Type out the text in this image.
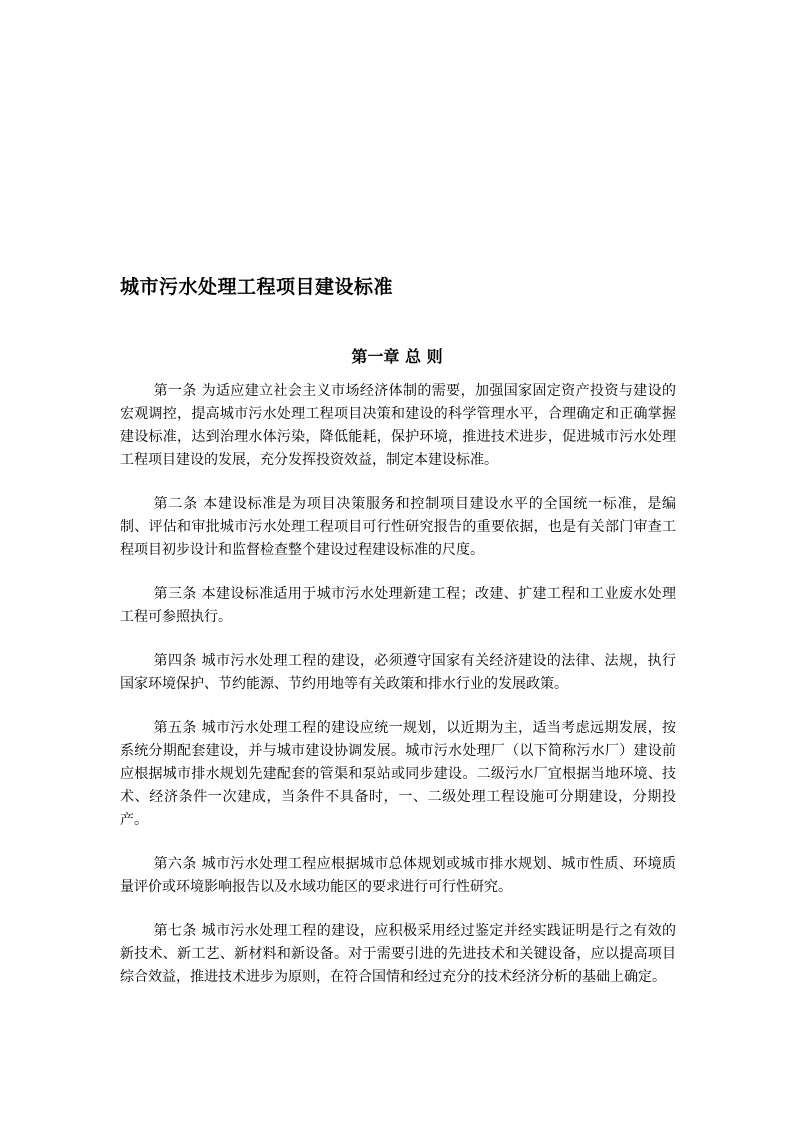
城市污水处理工程项目建设标准
第一章 总 则

第一条 为适应建立社会主义市场经济体制的需要，加强国家固定资产投资与建设的宏观调控，提高城市污水处理工程项目决策和建设的科学管理水平，合理确定和正确掌握建设标准，达到治理水体污染，降低能耗，保护环境，推进技术进步，促进城市污水处理工程项目建设的发展，充分发挥投资效益，制定本建设标准。

第二条 本建设标准是为项目决策服务和控制项目建设水平的全国统一标准，是编制、评估和审批城市污水处理工程项目可行性研究报告的重要依据，也是有关部门审查工程项目初步设计和监督检查整个建设过程建设标准的尺度。

第三条 本建设标准适用于城市污水处理新建工程；改建、扩建工程和工业废水处理工程可参照执行。

第四条 城市污水处理工程的建设，必须遵守国家有关经济建设的法律、法规，执行国家环境保护、节约能源、节约用地等有关政策和排水行业的发展政策。

第五条 城市污水处理工程的建设应统一规划，以近期为主，适当考虑远期发展，按系统分期配套建设，并与城市建设协调发展。城市污水处理厂（以下简称污水厂）建设前应根据城市排水规划先建配套的管渠和泵站或同步建设。二级污水厂宜根据当地环境、技术、经济条件一次建成，当条件不具备时，一、二级处理工程设施可分期建设，分期投产。

第六条 城市污水处理工程应根据城市总体规划或城市排水规划、城市性质、环境质量评价或环境影响报告以及水域功能区的要求进行可行性研究。

第七条 城市污水处理工程的建设，应积极采用经过鉴定并经实践证明是行之有效的新技术、新工艺、新材料和新设备。对于需要引进的先进技术和关键设备，应以提高项目综合效益，推进技术进步为原则，在符合国情和经过充分的技术经济分析的基础上确定。
